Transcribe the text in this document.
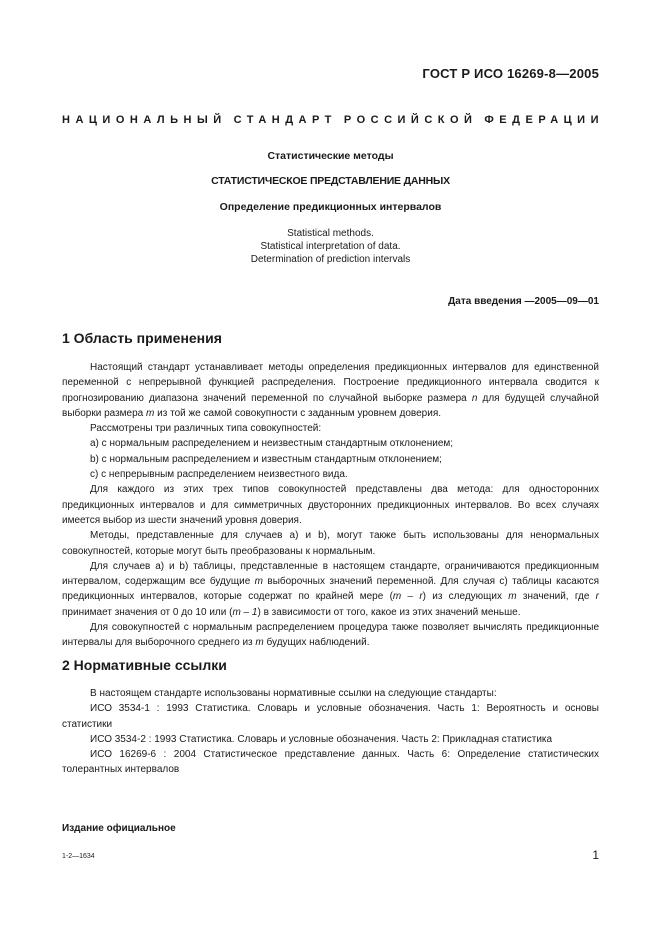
ГОСТ Р ИСО 16269-8—2005
НАЦИОНАЛЬНЫЙ СТАНДАРТ РОССИЙСКОЙ ФЕДЕРАЦИИ

Статистические методы

СТАТИСТИЧЕСКОЕ ПРЕДСТАВЛЕНИЕ ДАННЫХ

Определение предикционных интервалов

Statistical methods.
Statistical interpretation of data.
Determination of prediction intervals
Дата введения —2005—09—01
1 Область применения

Настоящий стандарт устанавливает методы определения предикционных интервалов для единственной переменной с непрерывной функцией распределения. Построение предикционного интервала сводится к прогнозированию диапазона значений переменной по случайной выборке размера n для будущей случайной выборки размера m из той же самой совокупности с заданным уровнем доверия.

Рассмотрены три различных типа совокупностей:

а) с нормальным распределением и неизвестным стандартным отклонением;

b) с нормальным распределением и известным стандартным отклонением;

c) с непрерывным распределением неизвестного вида.

Для каждого из этих трех типов совокупностей представлены два метода: для односторонних предикционных интервалов и для симметричных двусторонних предикционных интервалов. Во всех случаях имеется выбор из шести значений уровня доверия.

Методы, представленные для случаев а) и b), могут также быть использованы для ненормальных совокупностей, которые могут быть преобразованы к нормальным.

Для случаев а) и b) таблицы, представленные в настоящем стандарте, ограничиваются предикционным интервалом, содержащим все будущие m выборочных значений переменной. Для случая c) таблицы касаются предикционных интервалов, которые содержат по крайней мере (m – r) из следующих m значений, где r принимает значения от 0 до 10 или (m – 1) в зависимости от того, какое из этих значений меньше.

Для совокупностей с нормальным распределением процедура также позволяет вычислять предикционные интервалы для выборочного среднего из m будущих наблюдений.

2 Нормативные ссылки

В настоящем стандарте использованы нормативные ссылки на следующие стандарты:

ИСО 3534-1 : 1993 Статистика. Словарь и условные обозначения. Часть 1: Вероятность и основы статистики

ИСО 3534-2 : 1993 Статистика. Словарь и условные обозначения. Часть 2: Прикладная статистика

ИСО 16269-6 : 2004 Статистическое представление данных. Часть 6: Определение статистических толерантных интервалов

Издание официальное
1-2—1634	1
